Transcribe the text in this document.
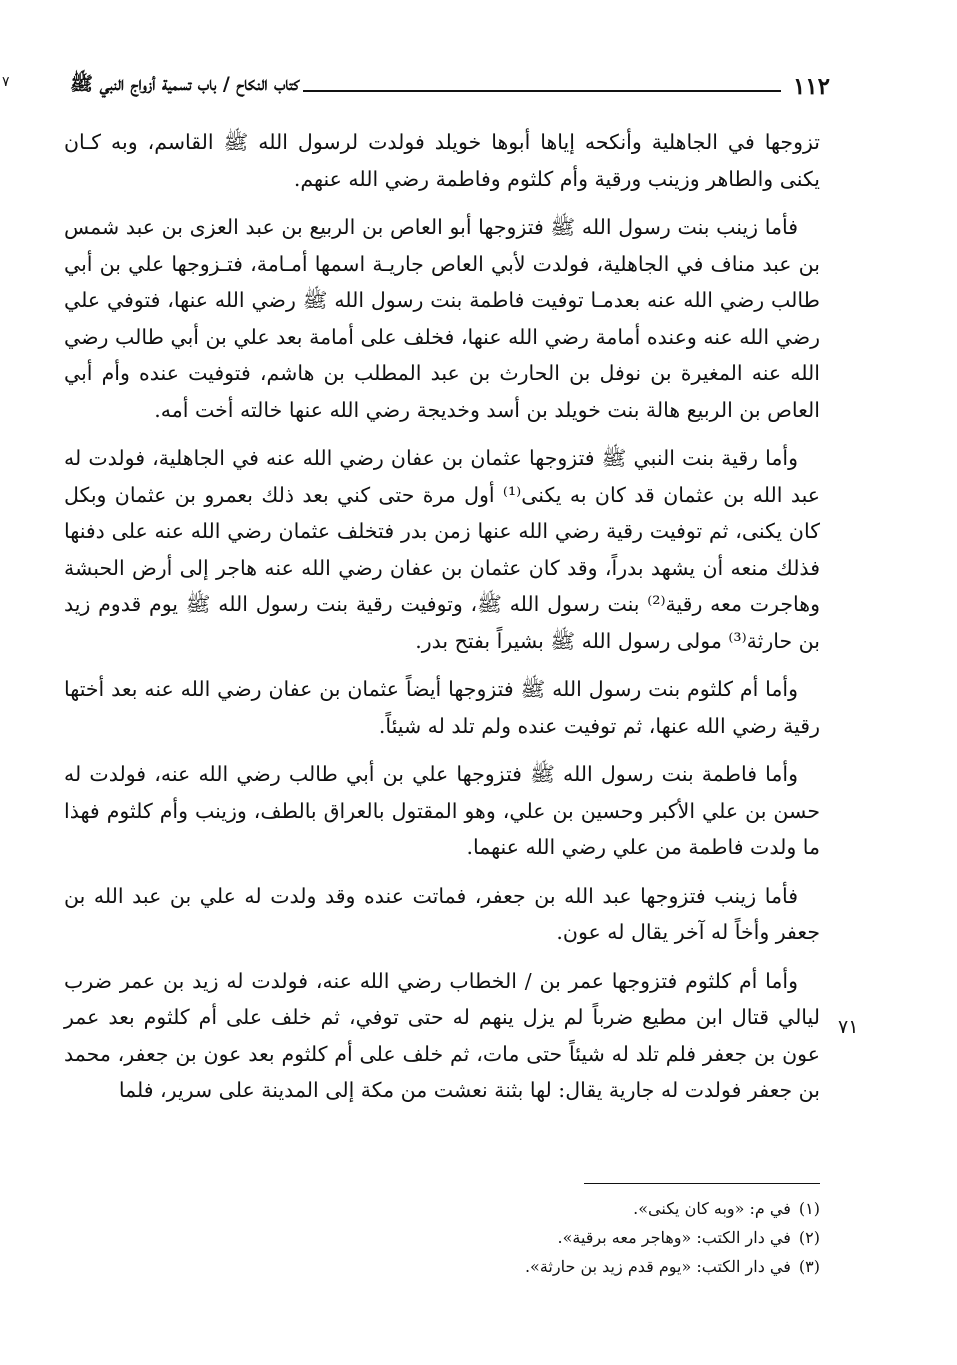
١١٢
كتاب النكاح / باب تسمية أزواج النبي ﷺ
٧

تزوجها في الجاهلية وأنكحه إياها أبوها خويلد فولدت لرسول الله ﷺ القاسم، وبه كـان يكنى والطاهر وزينب ورقية وأم كلثوم وفاطمة رضي الله عنهم.

فأما زينب بنت رسول الله ﷺ فتزوجها أبو العاص بن الربيع بن عبد العزى بن عبد شمس بن عبد مناف في الجاهلية، فولدت لأبي العاص جاريـة اسمها أمـامة، فتـزوجها علي بن أبي طالب رضي الله عنه بعدمـا توفيت فاطمة بنت رسول الله ﷺ رضي الله عنها، فتوفي علي رضي الله عنه وعنده أمامة رضي الله عنها، فخلف على أمامة بعد علي بن أبي طالب رضي الله عنه المغيرة بن نوفل بن الحارث بن عبد المطلب بن هاشم، فتوفيت عنده وأم أبي العاص بن الربيع هالة بنت خويلد بن أسد وخديجة رضي الله عنها خالته أخت أمه.

وأما رقية بنت النبي ﷺ فتزوجها عثمان بن عفان رضي الله عنه في الجاهلية، فولدت له عبد الله بن عثمان قد كان به يكنى⁽¹⁾ أول مرة حتى كني بعد ذلك بعمرو بن عثمان وبكل كان يكنى، ثم توفيت رقية رضي الله عنها زمن بدر فتخلف عثمان رضي الله عنه على دفنها فذلك منعه أن يشهد بدراً، وقد كان عثمان بن عفان رضي الله عنه هاجر إلى أرض الحبشة وهاجرت معه رقية⁽²⁾ بنت رسول الله ﷺ، وتوفيت رقية بنت رسول الله ﷺ يوم قدوم زيد بن حارثة⁽³⁾ مولى رسول الله ﷺ بشيراً بفتح بدر.

وأما أم كلثوم بنت رسول الله ﷺ فتزوجها أيضاً عثمان بن عفان رضي الله عنه بعد أختها رقية رضي الله عنها، ثم توفيت عنده ولم تلد له شيئاً.

وأما فاطمة بنت رسول الله ﷺ فتزوجها علي بن أبي طالب رضي الله عنه، فولدت له حسن بن علي الأكبر وحسين بن علي، وهو المقتول بالعراق بالطف، وزينب وأم كلثوم فهذا ما ولدت فاطمة من علي رضي الله عنهما.

فأما زينب فتزوجها عبد الله بن جعفر، فماتت عنده وقد ولدت له علي بن عبد الله بن جعفر وأخاً له آخر يقال له عون.

وأما أم كلثوم فتزوجها عمر بن / الخطاب رضي الله عنه، فولدت له زيد بن عمر ضرب ليالي قتال ابن مطيع ضرباً لم يزل ينهم له حتى توفي، ثم خلف على أم كلثوم بعد عمر عون بن جعفر فلم تلد له شيئاً حتى مات، ثم خلف على أم كلثوم بعد عون بن جعفر، محمد بن جعفر فولدت له جارية يقال: لها بثنة نعشت من مكة إلى المدينة على سرير، فلما

٧١

(١)في م: «وبه كان يكنى».

(٢)في دار الكتب: «وهاجر معه برقية».

(٣)في دار الكتب: «يوم قدم زيد بن حارثة».
